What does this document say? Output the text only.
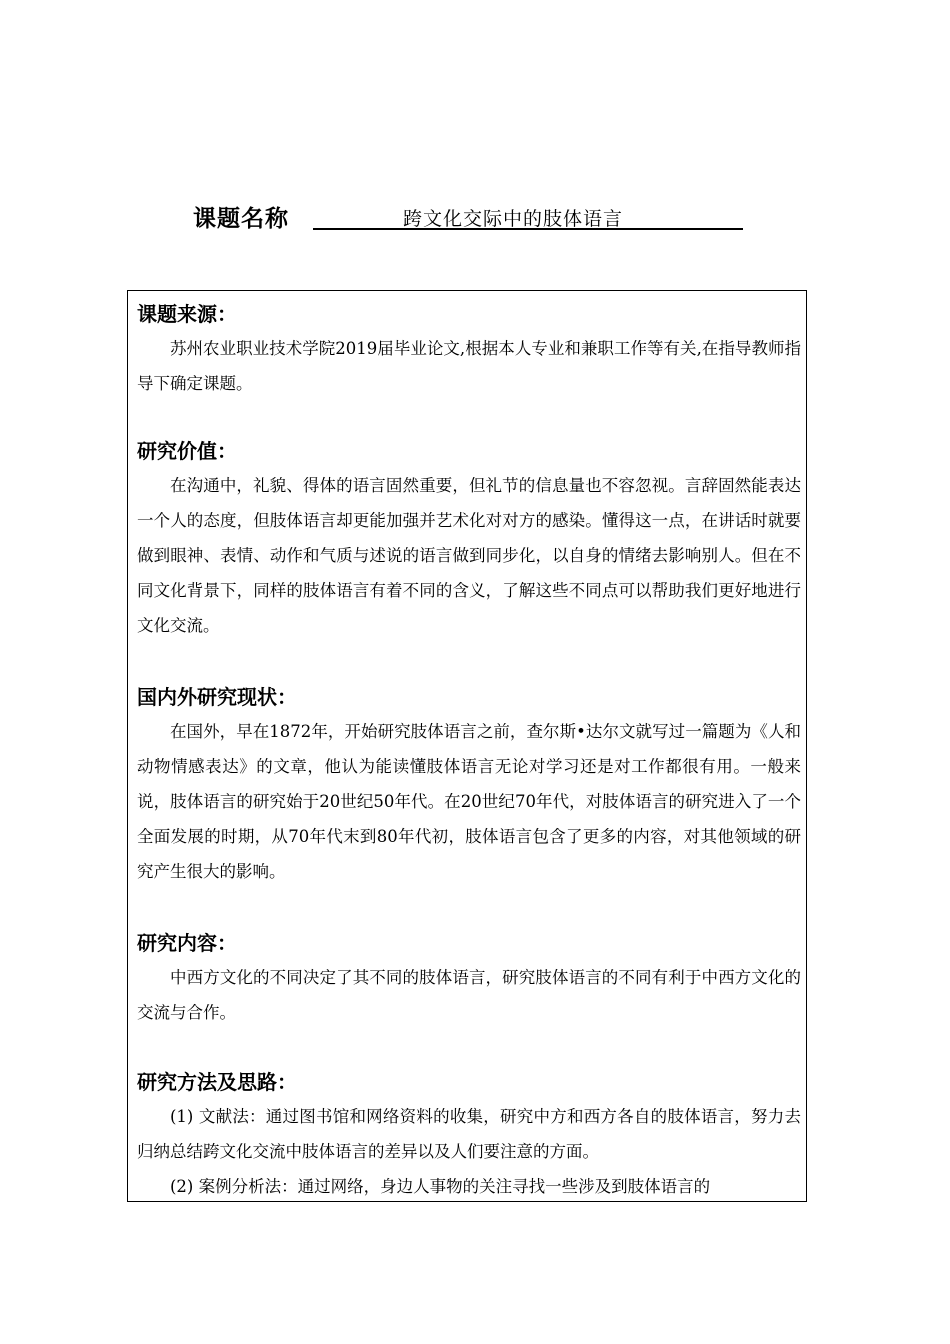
课题名称	跨文化交际中的肢体语言
课题来源：

苏州农业职业技术学院2019届毕业论文,根据本人专业和兼职工作等有关,在指导教师指导下确定课题。

研究价值：

在沟通中，礼貌、得体的语言固然重要，但礼节的信息量也不容忽视。言辞固然能表达一个人的态度，但肢体语言却更能加强并艺术化对对方的感染。懂得这一点，在讲话时就要做到眼神、表情、动作和气质与述说的语言做到同步化，以自身的情绪去影响别人。但在不同文化背景下，同样的肢体语言有着不同的含义，了解这些不同点可以帮助我们更好地进行文化交流。

国内外研究现状：

在国外，早在1872年，开始研究肢体语言之前，查尔斯•达尔文就写过一篇题为《人和动物情感表达》的文章，他认为能读懂肢体语言无论对学习还是对工作都很有用。一般来说，肢体语言的研究始于20世纪50年代。在20世纪70年代，对肢体语言的研究进入了一个全面发展的时期，从70年代末到80年代初，肢体语言包含了更多的内容，对其他领域的研究产生很大的影响。

研究内容：

中西方文化的不同决定了其不同的肢体语言，研究肢体语言的不同有利于中西方文化的交流与合作。

研究方法及思路：

(1) 文献法：通过图书馆和网络资料的收集，研究中方和西方各自的肢体语言，努力去归纳总结跨文化交流中肢体语言的差异以及人们要注意的方面。

(2) 案例分析法：通过网络，身边人事物的关注寻找一些涉及到肢体语言的
